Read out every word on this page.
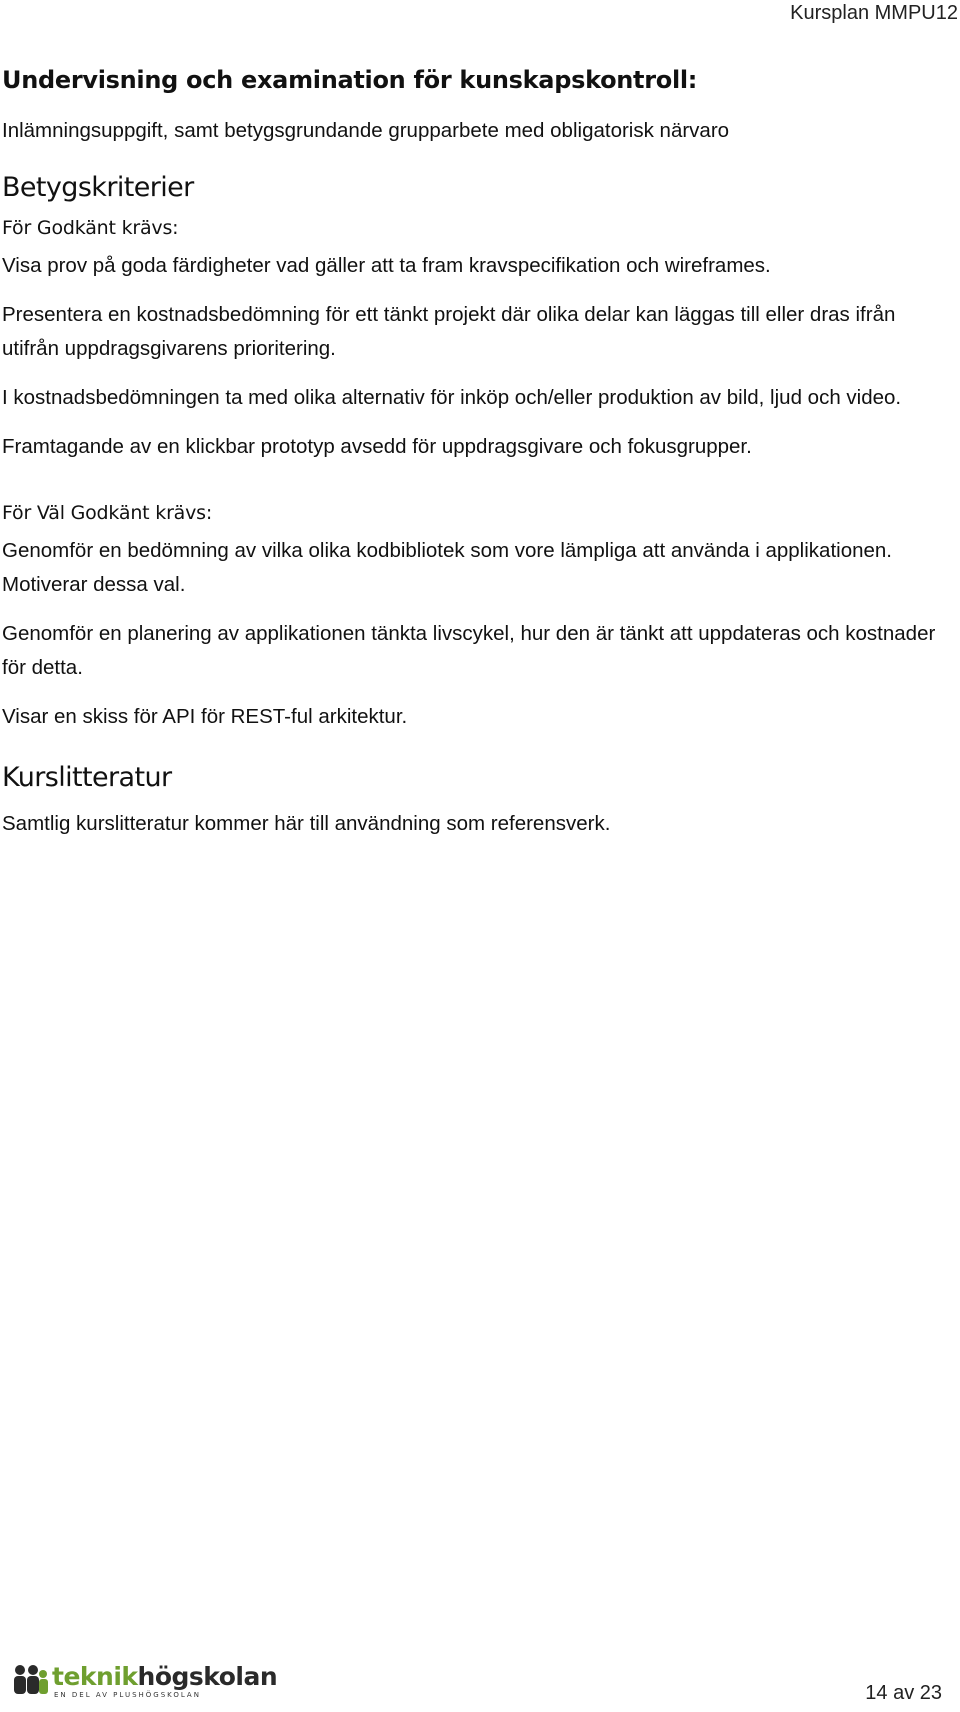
Kursplan MMPU12
Undervisning och examination för kunskapskontroll:

Inlämningsuppgift, samt betygsgrundande grupparbete med obligatorisk närvaro

Betygskriterier
För Godkänt krävs:

Visa prov på goda färdigheter vad gäller att ta fram kravspecifikation och wireframes.

Presentera en kostnadsbedömning för ett tänkt projekt där olika delar kan läggas till eller dras ifrån utifrån uppdragsgivarens prioritering.

I kostnadsbedömningen ta med olika alternativ för inköp och/eller produktion av bild, ljud och video.

Framtagande av en klickbar prototyp avsedd för uppdragsgivare och fokusgrupper.

För Väl Godkänt krävs:

Genomför en bedömning av vilka olika kodbibliotek som vore lämpliga att använda i applikationen. Motiverar dessa val.

Genomför en planering av applikationen tänkta livscykel, hur den är tänkt att uppdateras och kostnader för detta.

Visar en skiss för API för REST-ful arkitektur.

Kurslitteratur

Samtlig kurslitteratur kommer här till användning som referensverk.

teknikhögskolan
EN DEL AV PLUSHÖGSKOLAN	14 av 23
